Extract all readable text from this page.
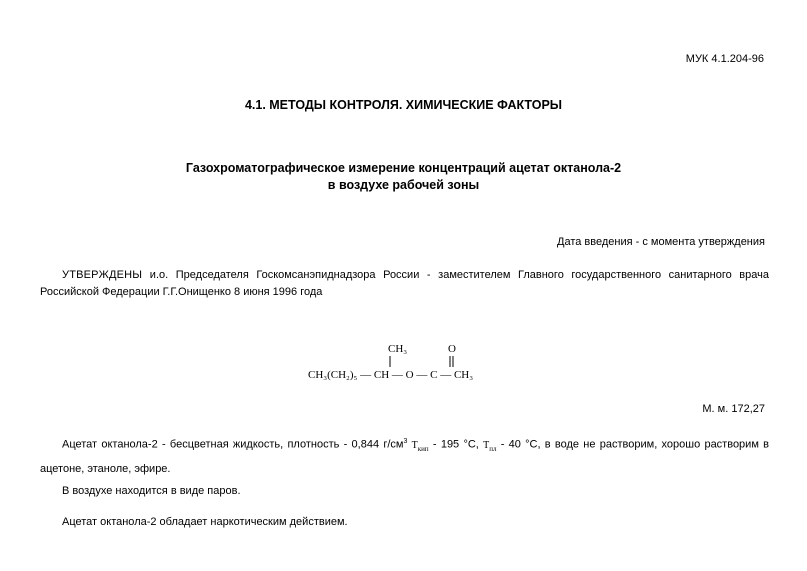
МУК 4.1.204-96
4.1. МЕТОДЫ КОНТРОЛЯ. ХИМИЧЕСКИЕ ФАКТОРЫ
Газохроматографическое измерение концентраций ацетат октанола-2
в воздухе рабочей зоны
Дата введения - с момента утверждения
УТВЕРЖДЕНЫ и.о. Председателя Госкомсанэпиднадзора России - заместителем Главного государственного санитарного врача Российской Федерации Г.Г.Онищенко 8 июня 1996 года
CH₃	O
CH₃(CH₂)₅ — CH — O — C — CH₃
М. м. 172,27
Ацетат октанола-2 - бесцветная жидкость, плотность - 0,844 $г/см^3$ $T_{кип} - 195$ °С, $T_{пл} - 40$ °С, в воде не растворим, хорошо растворим в ацетоне, этаноле, эфире.
В воздухе находится в виде паров.
Ацетат октанола-2 обладает наркотическим действием.
